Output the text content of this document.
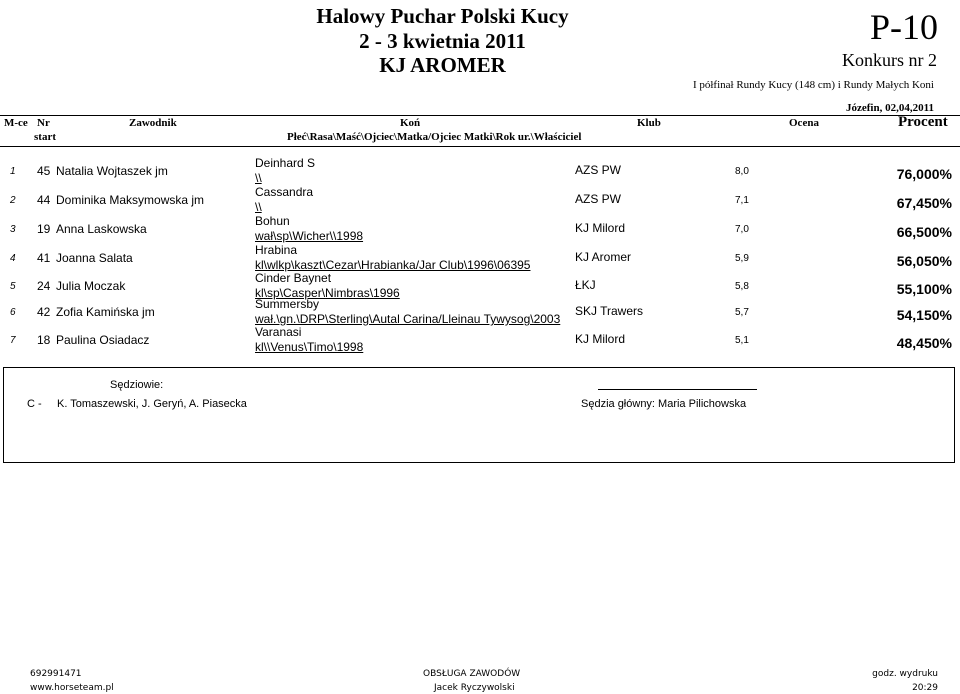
Halowy Puchar Polski Kucy
2 - 3 kwietnia 2011
KJ AROMER
P-10
Konkurs nr 2
I półfinał Rundy Kucy (148 cm) i Rundy Małych Koni
Józefin, 02,04,2011
M-ce Nr
start
Zawodnik	Koń
Płeć\Rasa\Maść\Ojciec\Matka/Ojciec Matki\Rok ur.\Właściciel
Klub	Ocena	Procent
1 45 Natalia Wojtaszek jm
Deinhard S
\\
AZS PW	8,0	76,000%
2 44 Dominika Maksymowska jm
Cassandra
\\
AZS PW	7,1	67,450%
3 19 Anna Laskowska
Bohun
wał\sp\Wicher\\1998
KJ Milord	7,0	66,500%
4 41 Joanna Salata
Hrabina
kl\wlkp\kaszt\Cezar\Hrabianka/Jar Club\1996\06395
KJ Aromer	5,9	56,050%
5 24 Julia Moczak
Cinder Baynet
kl\sp\Casper\Nimbras\1996
ŁKJ	5,8	55,100%
6 42 Zofia Kamińska jm
Summersby
wał.\gn.\DRP\Sterling\Autal Carina/Lleinau Tywysog\2003
SKJ Trawers	5,7	54,150%
7 18 Paulina Osiadacz
Varanasi
kl\\Venus\Timo\1998
KJ Milord	5,1	48,450%
Sędziowie:
C - K. Tomaszewski, J. Geryń, A. Piasecka	Sędzia główny: Maria Pilichowska
692991471
www.horseteam.pl
OBSŁUGA ZAWODÓW
Jacek Ryczywolski
godz. wydruku
20:29
